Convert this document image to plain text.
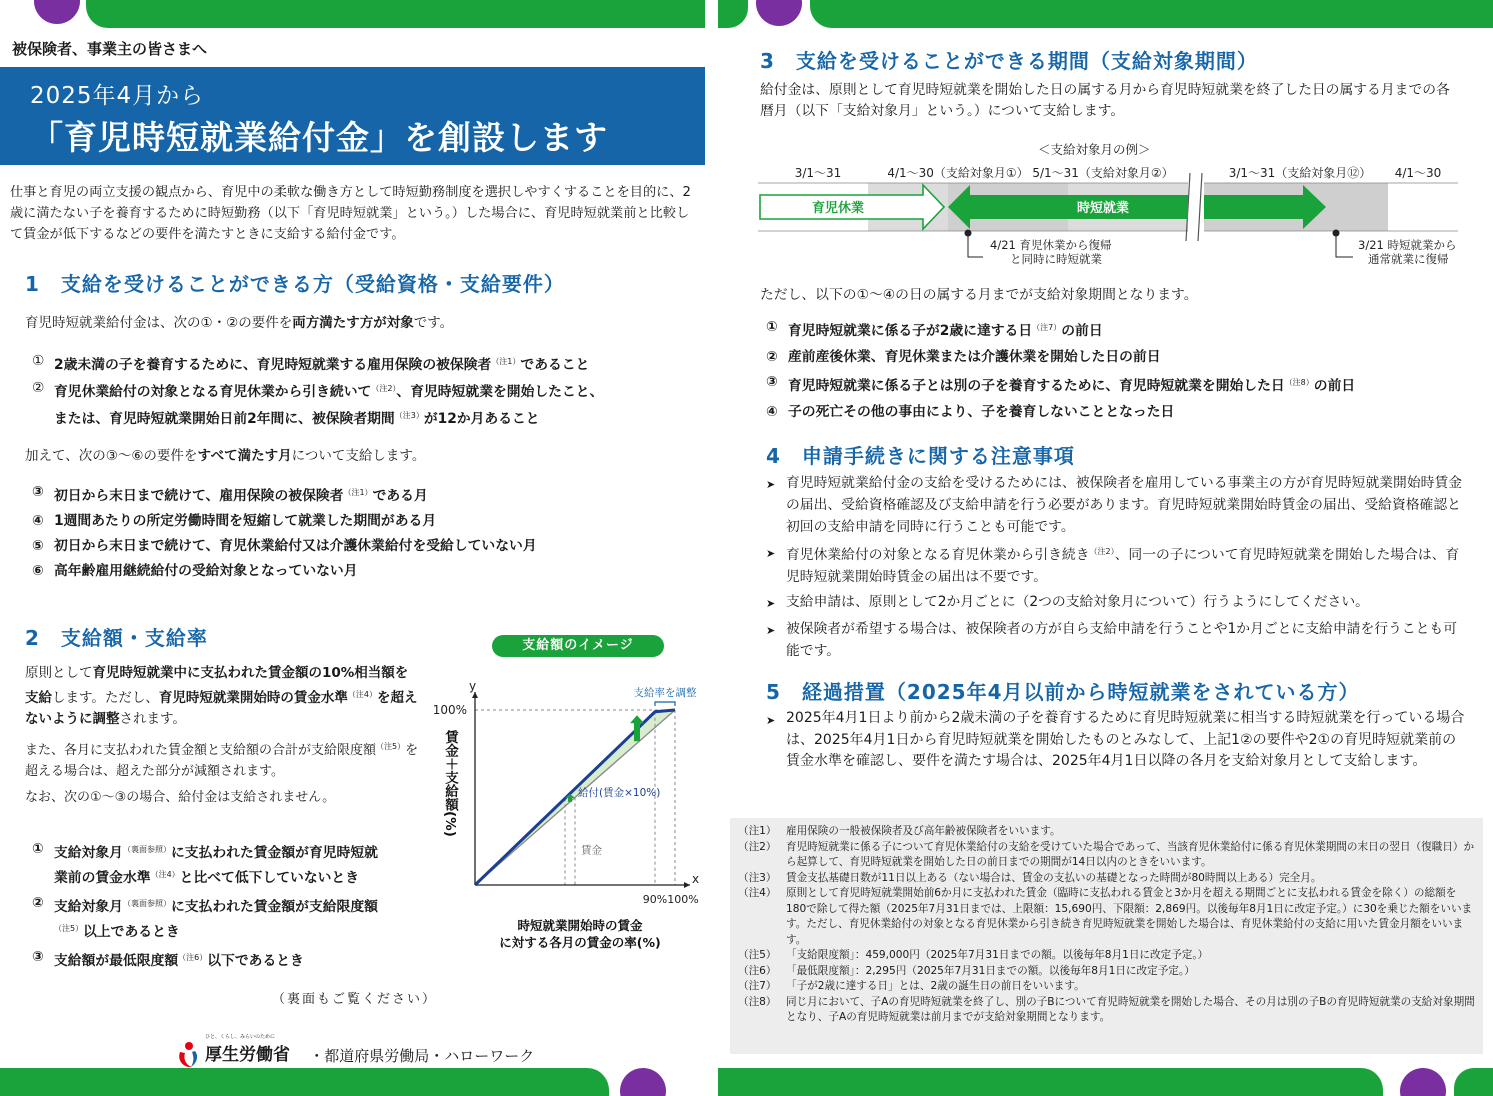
被保険者、事業主の皆さまへ
2025年4月から
「育児時短就業給付金」を創設します

仕事と育児の両立支援の観点から、育児中の柔軟な働き方として時短勤務制度を選択しやすくすることを目的に、2歳に満たない子を養育するために時短勤務（以下「育児時短就業」という。）した場合に、育児時短就業前と比較して賃金が低下するなどの要件を満たすときに支給する給付金です。

1　支給を受けることができる方（受給資格・支給要件）

育児時短就業給付金は、次の①・②の要件を両方満たす方が対象です。

① 2歳未満の子を養育するために、育児時短就業する雇用保険の被保険者$^{(注1)}$であること
② 育児休業給付の対象となる育児休業から引き続いて$^{(注2)}$、育児時短就業を開始したこと、
または、育児時短就業開始日前2年間に、被保険者期間$^{(注3)}$が12か月あること

加えて、次の③～⑥の要件をすべて満たす月について支給します。

③ 初日から末日まで続けて、雇用保険の被保険者$^{(注1)}$である月
④ 1週間あたりの所定労働時間を短縮して就業した期間がある月
⑤ 初日から末日まで続けて、育児休業給付又は介護休業給付を受給していない月
⑥ 高年齢雇用継続給付の受給対象となっていない月
2　支給額・支給率

原則として育児時短就業中に支払われた賃金額の10%相当額を支給します。ただし、育児時短就業開始時の賃金水準$^{(注4)}$を超えないように調整されます。

また、各月に支払われた賃金額と支給額の合計が支給限度額$^{(注5)}$を超える場合は、超えた部分が減額されます。

なお、次の①～③の場合、給付金は支給されません。

① 支給対象月$^{(裏面参照)}$に支払われた賃金額が育児時短就
業前の賃金水準$^{(注4)}$と比べて低下していないとき
② 支給対象月$^{(裏面参照)}$に支払われた賃金額が支給限度額
$^{(注5)}$以上であるとき
③ 支給額が最低限度額$^{(注6)}$以下であるとき
支給額のイメージ
y
x
100%
90% 100%
支給率を調整
給付(賃金×10%)
賃金
賃金＋支給額(%)
時短就業開始時の賃金
に対する各月の賃金の率(%)
（裏面もご覧ください）
ひと、くらし、みらいのために
厚生労働省	・都道府県労働局・ハローワーク
3　支給を受けることができる期間（支給対象期間）

給付金は、原則として育児時短就業を開始した日の属する月から育児時短就業を終了した日の属する月までの各暦月（以下「支給対象月」という。）について支給します。

＜支給対象月の例＞
3/1～31	4/1～30（支給対象月①） 5/1～31（支給対象月②）	3/1～31（支給対象月⑫） 4/1～30
育児休業	時短就業
4/21 育児休業から復帰
と同時に時短就業
3/21 時短就業から
通常就業に復帰

ただし、以下の①～④の日の属する月までが支給対象期間となります。

① 育児時短就業に係る子が2歳に達する日$^{(注7)}$の前日
② 産前産後休業、育児休業または介護休業を開始した日の前日
③ 育児時短就業に係る子とは別の子を養育するために、育児時短就業を開始した日$^{(注8)}$の前日
④ 子の死亡その他の事由により、子を養育しないこととなった日
4　申請手続きに関する注意事項
➤ 育児時短就業給付金の支給を受けるためには、被保険者を雇用している事業主の方が育児時短就業開始時賃金の届出、受給資格確認及び支給申請を行う必要があります。育児時短就業開始時賃金の届出、受給資格確認と初回の支給申請を同時に行うことも可能です。
➤ 育児休業給付の対象となる育児休業から引き続き$^{(注2)}$、同一の子について育児時短就業を開始した場合は、育児時短就業開始時賃金の届出は不要です。
➤ 支給申請は、原則として2か月ごとに（2つの支給対象月について）行うようにしてください。
➤ 被保険者が希望する場合は、被保険者の方が自ら支給申請を行うことや1か月ごとに支給申請を行うことも可能です。
5　経過措置（2025年4月以前から時短就業をされている方）
➤ 2025年4月1日より前から2歳未満の子を養育するために育児時短就業に相当する時短就業を行っている場合は、2025年4月1日から育児時短就業を開始したものとみなして、上記1②の要件や2①の育児時短就業前の賃金水準を確認し、要件を満たす場合は、2025年4月1日以降の各月を支給対象月として支給します。
（注1） 雇用保険の一般被保険者及び高年齢被保険者をいいます。
（注2） 育児時短就業に係る子について育児休業給付の支給を受けていた場合であって、当該育児休業給付に係る育児休業期間の末日の翌日（復職日）から起算して、育児時短就業を開始した日の前日までの期間が14日以内のときをいいます。
（注3） 賃金支払基礎日数が11日以上ある（ない場合は、賃金の支払いの基礎となった時間が80時間以上ある）完全月。
（注4） 原則として育児時短就業開始前6か月に支払われた賃金（臨時に支払われる賃金と3か月を超える期間ごとに支払われる賃金を除く）の総額を180で除して得た額（2025年7月31日までは、上限額：15,690円、下限額：2,869円。以後毎年8月1日に改定予定。）に30を乗じた額をいいます。ただし、育児休業給付の対象となる育児休業から引き続き育児時短就業を開始した場合は、育児休業給付の支給に用いた賃金月額をいいます。
（注5） 「支給限度額」：459,000円（2025年7月31日までの額。以後毎年8月1日に改定予定。）
（注6） 「最低限度額」：2,295円（2025年7月31日までの額。以後毎年8月1日に改定予定。）
（注7） 「子が2歳に達する日」とは、2歳の誕生日の前日をいいます。
（注8） 同じ月において、子Aの育児時短就業を終了し、別の子Bについて育児時短就業を開始した場合、その月は別の子Bの育児時短就業の支給対象期間となり、子Aの育児時短就業は前月までが支給対象期間となります。
